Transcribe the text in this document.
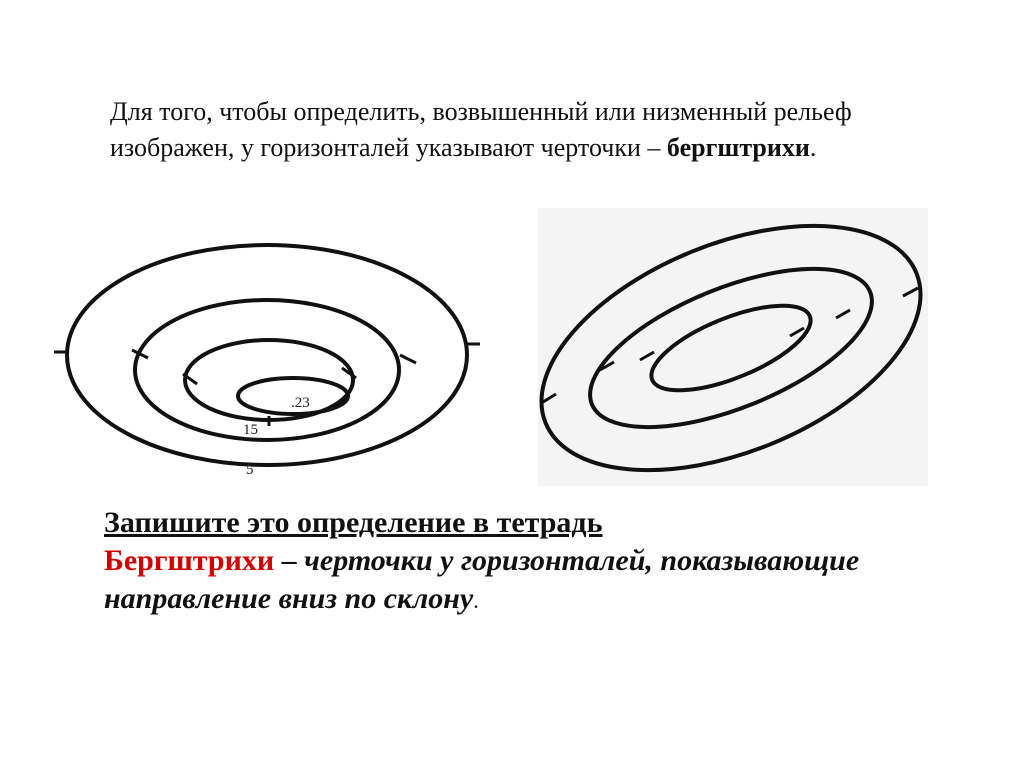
Для того, чтобы определить, возвышенный или низменный рельеф изображен, у горизонталей указывают черточки – бергштрихи.

5
15
.23
Запишите это определение в тетрадь
Бергштрихи – черточки у горизонталей, показывающие направление вниз по склону.
